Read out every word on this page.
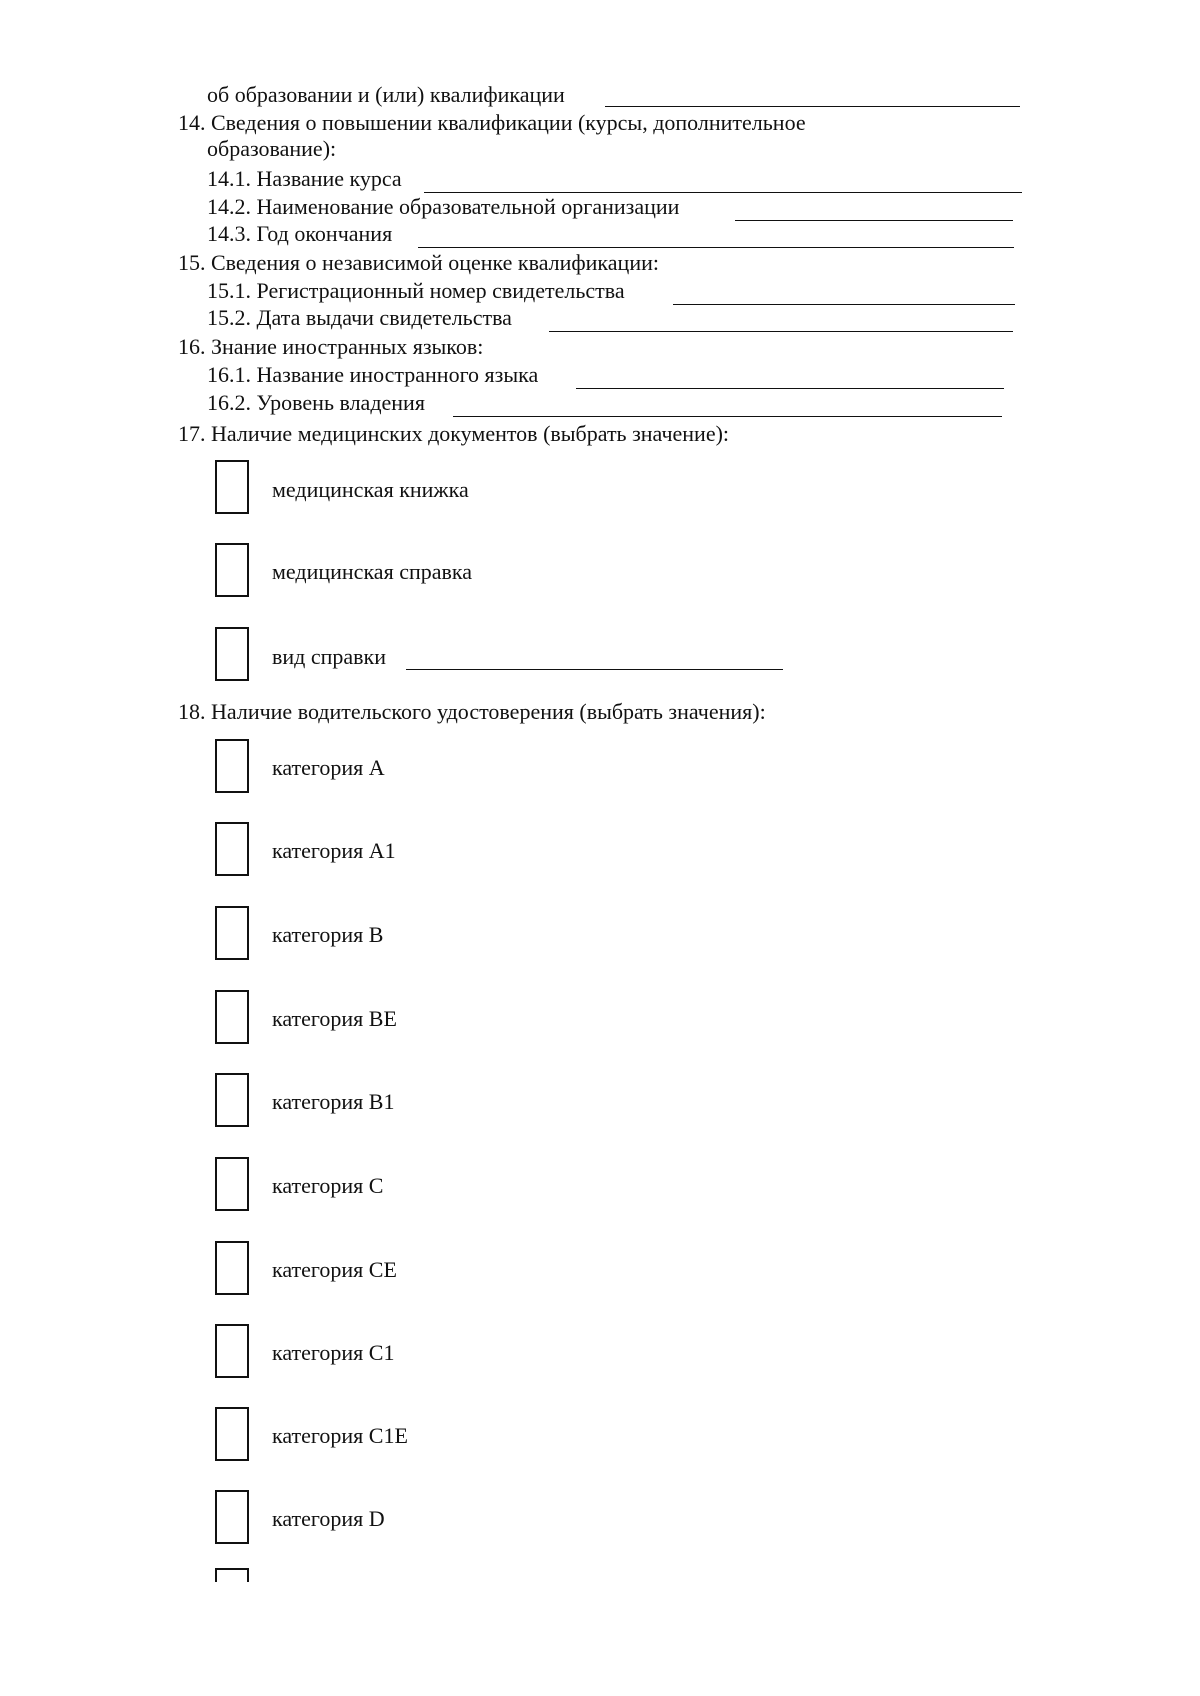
об образовании и (или) квалификации
14. Сведения о повышении квалификации (курсы, дополнительное
образование):
14.1. Название курса
14.2. Наименование образовательной организации
14.3. Год окончания
15. Сведения о независимой оценке квалификации:
15.1. Регистрационный номер свидетельства
15.2. Дата выдачи свидетельства
16. Знание иностранных языков:
16.1. Название иностранного языка
16.2. Уровень владения
17. Наличие медицинских документов (выбрать значение):
медицинская книжка
медицинская справка
вид справки
18. Наличие водительского удостоверения (выбрать значения):
категория A
категория A1
категория B
категория BE
категория B1
категория C
категория CE
категория C1
категория C1E
категория D
